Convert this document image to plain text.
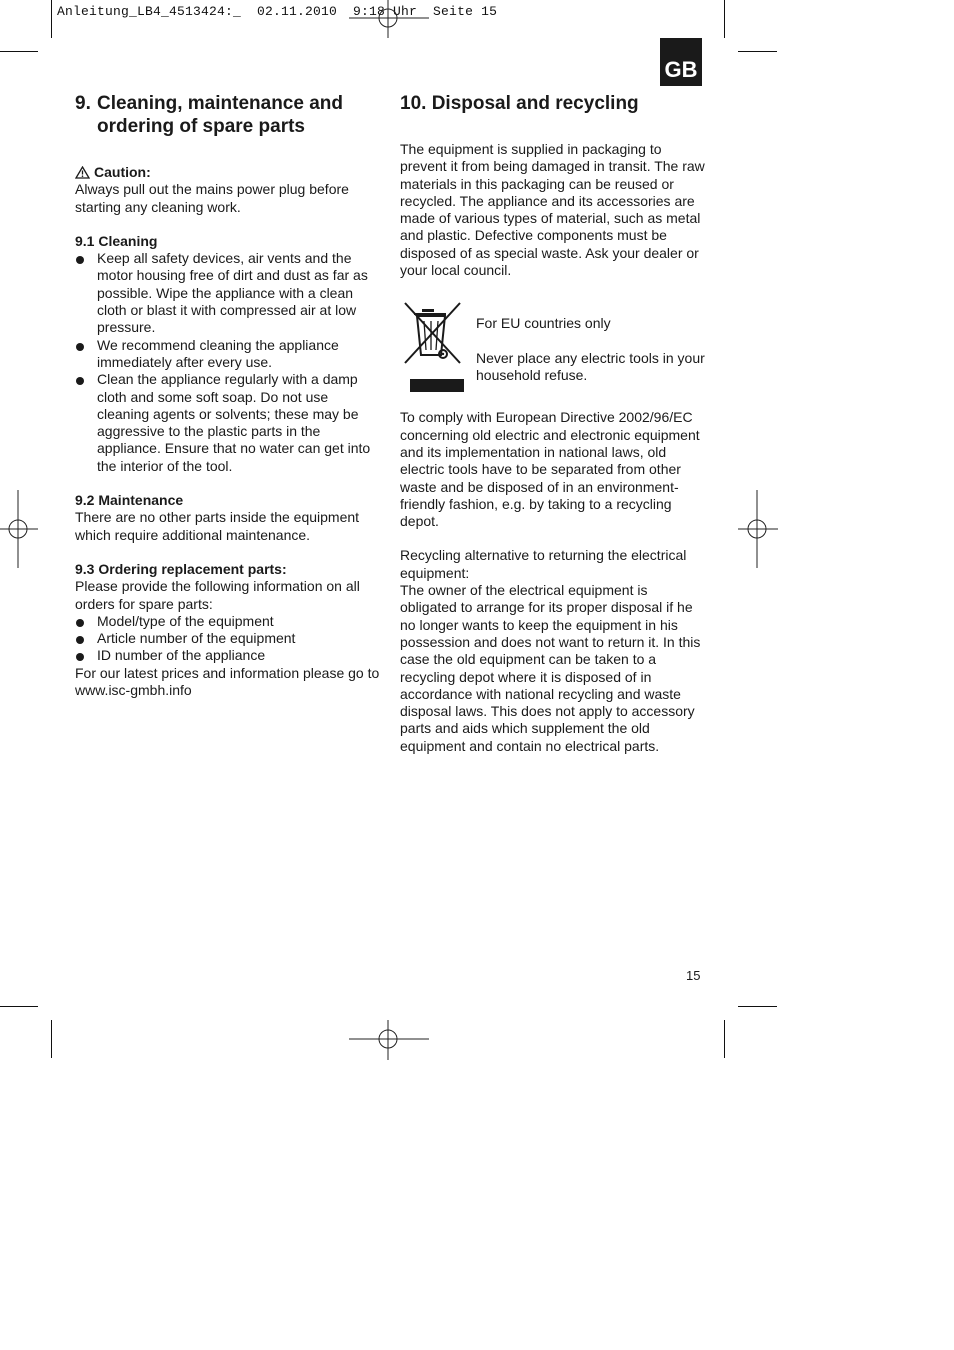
Anleitung_LB4_4513424:_  02.11.2010  9:18 Uhr  Seite 15
GB
9. Cleaning, maintenance and ordering of spare parts
Caution:

Always pull out the mains power plug before starting any cleaning work.

9.1 Cleaning

Keep all safety devices, air vents and the motor housing free of dirt and dust as far as possible. Wipe the appliance with a clean cloth or blast it with compressed air at low pressure.
We recommend cleaning the appliance immediately after every use.
Clean the appliance regularly with a damp cloth and some soft soap. Do not use cleaning agents or solvents; these may be aggressive to the plastic parts in the appliance. Ensure that no water can get into the interior of the tool.

9.2 Maintenance

There are no other parts inside the equipment which require additional maintenance.

9.3 Ordering replacement parts:

Please provide the following information on all orders for spare parts:

Model/type of the equipment
Article number of the equipment
ID number of the appliance

For our latest prices and information please go to www.isc-gmbh.info

10. Disposal and recycling

The equipment is supplied in packaging to prevent it from being damaged in transit. The raw materials in this packaging can be reused or recycled. The appliance and its accessories are made of various types of material, such as metal and plastic. Defective components must be disposed of as special waste. Ask your dealer or your local council.

For EU countries only

Never place any electric tools in your household refuse.

To comply with European Directive 2002/96/EC concerning old electric and electronic equipment and its implementation in national laws, old electric tools have to be separated from other waste and be disposed of in an environment-friendly fashion, e.g. by taking to a recycling depot.

Recycling alternative to returning the electrical equipment:

The owner of the electrical equipment is obligated to arrange for its proper disposal if he no longer wants to keep the equipment in his possession and does not want to return it. In this case the old equipment can be taken to a recycling depot where it is disposed of in accordance with national recycling and waste disposal laws. This does not apply to accessory parts and aids which supplement the old equipment and contain no electrical parts.

15
